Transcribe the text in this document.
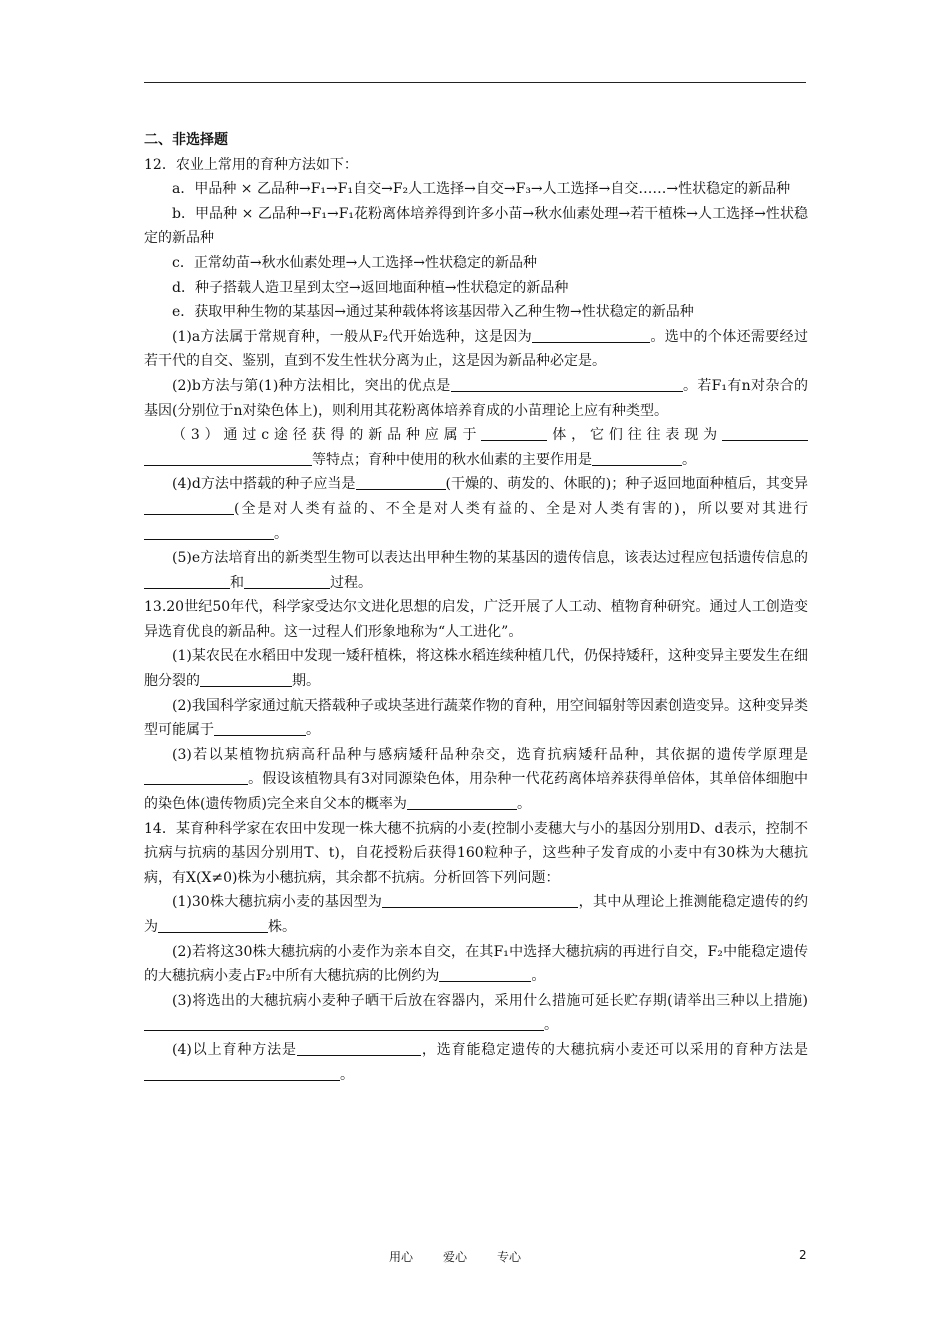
二、非选择题

12．农业上常用的育种方法如下：

a．甲品种 × 乙品种→F₁→F₁自交→F₂人工选择→自交→F₃→人工选择→自交……→性状稳定的新品种

b．甲品种 × 乙品种→F₁→F₁花粉离体培养得到许多小苗→秋水仙素处理→若干植株→人工选择→性状稳定的新品种

c．正常幼苗→秋水仙素处理→人工选择→性状稳定的新品种

d．种子搭载人造卫星到太空→返回地面种植→性状稳定的新品种

e．获取甲种生物的某基因→通过某种载体将该基因带入乙种生物→性状稳定的新品种

(1)a方法属于常规育种，一般从F₂代开始选种，这是因为	。选中的个体还需要经过若干代的自交、鉴别，直到不发生性状分离为止，这是因为新品种必定是。

(2)b方法与第(1)种方法相比，突出的优点是	。若F₁有n对杂合的基因(分别位于n对染色体上)，则利用其花粉离体培养育成的小苗理论上应有种类型。

（3）通过c途径获得的新品种应属于	体，它们往往表现为等特点；育种中使用的秋水仙素的主要作用是	。

(4)d方法中搭载的种子应当是	(干燥的、萌发的、休眠的)；种子返回地面种植后，其变异(全是对人类有益的、不全是对人类有益的、全是对人类有害的)，所以要对其进行。

(5)e方法培育出的新类型生物可以表达出甲种生物的某基因的遗传信息，该表达过程应包括遗传信息的和	过程。

13.20世纪50年代，科学家受达尔文进化思想的启发，广泛开展了人工动、植物育种研究。通过人工创造变异选育优良的新品种。这一过程人们形象地称为“人工进化”。

(1)某农民在水稻田中发现一矮秆植株，将这株水稻连续种植几代，仍保持矮秆，这种变异主要发生在细胞分裂的	期。

(2)我国科学家通过航天搭载种子或块茎进行蔬菜作物的育种，用空间辐射等因素创造变异。这种变异类型可能属于	。

(3)若以某植物抗病高秆品种与感病矮秆品种杂交，选育抗病矮秆品种，其依据的遗传学原理是。假设该植物具有3对同源染色体，用杂种一代花药离体培养获得单倍体，其单倍体细胞中的染色体(遗传物质)完全来自父本的概率为	。

14．某育种科学家在农田中发现一株大穗不抗病的小麦(控制小麦穗大与小的基因分别用D、d表示，控制不抗病与抗病的基因分别用T、t)，自花授粉后获得160粒种子，这些种子发育成的小麦中有30株为大穗抗病，有X(X≠0)株为小穗抗病，其余都不抗病。分析回答下列问题：

(1)30株大穗抗病小麦的基因型为	，其中从理论上推测能稳定遗传的约为	株。

(2)若将这30株大穗抗病的小麦作为亲本自交，在其F₁中选择大穗抗病的再进行自交，F₂中能稳定遗传的大穗抗病小麦占F₂中所有大穗抗病的比例约为	。

(3)将选出的大穗抗病小麦种子晒干后放在容器内，采用什么措施可延长贮存期(请举出三种以上措施)。

(4)以上育种方法是	，选育能稳定遗传的大穗抗病小麦还可以采用的育种方法是。

用心	爱心	专心	2
